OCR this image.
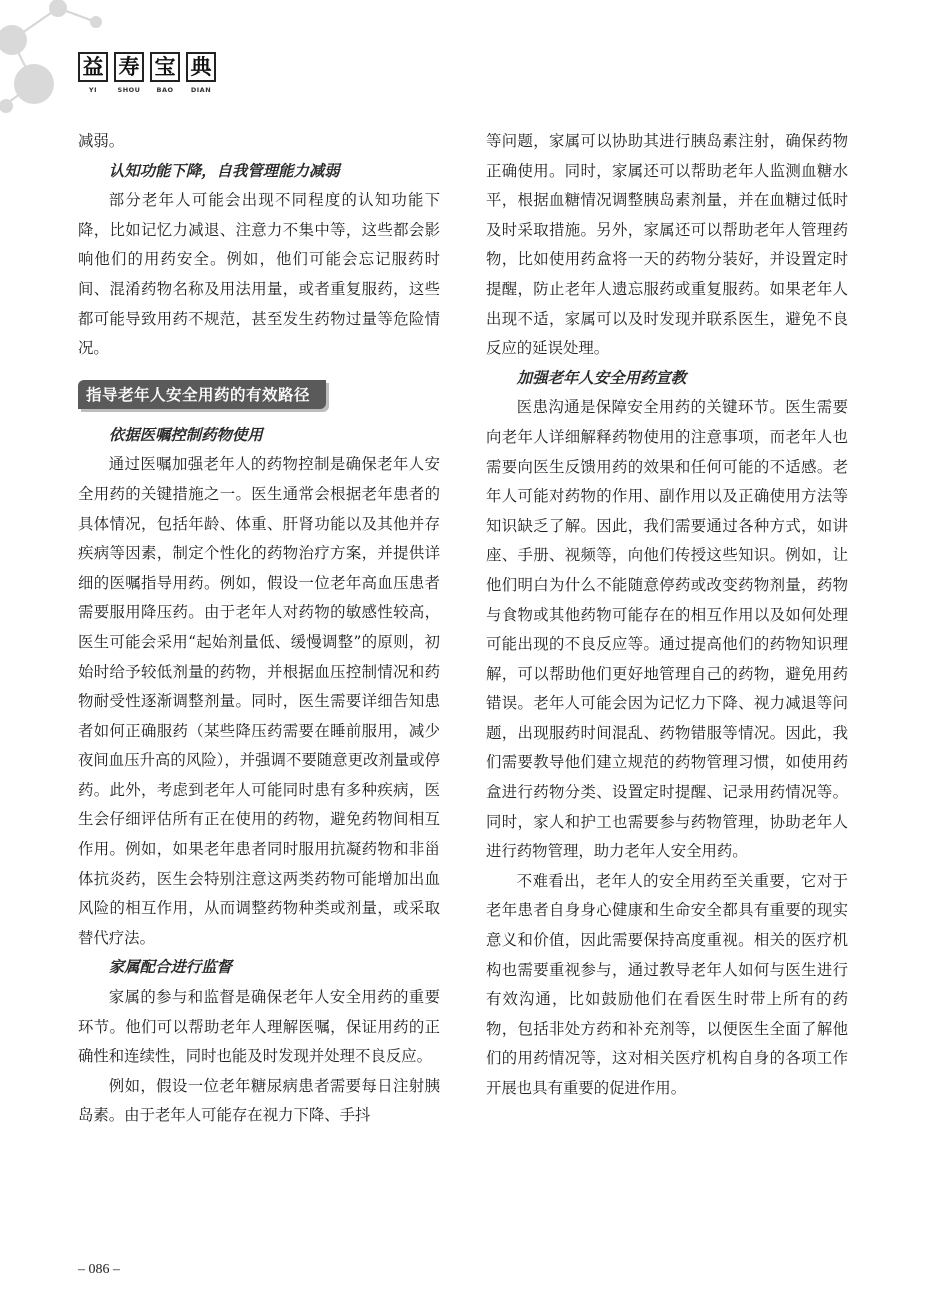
益 寿 宝 典
YI	SHOU	BAO	DIAN

减弱。

认知功能下降，自我管理能力减弱

部分老年人可能会出现不同程度的认知功能下降，比如记忆力减退、注意力不集中等，这些都会影响他们的用药安全。例如，他们可能会忘记服药时间、混淆药物名称及用法用量，或者重复服药，这些都可能导致用药不规范，甚至发生药物过量等危险情况。

指导老年人安全用药的有效路径

依据医嘱控制药物使用

通过医嘱加强老年人的药物控制是确保老年人安全用药的关键措施之一。医生通常会根据老年患者的具体情况，包括年龄、体重、肝肾功能以及其他并存疾病等因素，制定个性化的药物治疗方案，并提供详细的医嘱指导用药。例如，假设一位老年高血压患者需要服用降压药。由于老年人对药物的敏感性较高，医生可能会采用“起始剂量低、缓慢调整”的原则，初始时给予较低剂量的药物，并根据血压控制情况和药物耐受性逐渐调整剂量。同时，医生需要详细告知患者如何正确服药（某些降压药需要在睡前服用，减少夜间血压升高的风险），并强调不要随意更改剂量或停药。此外，考虑到老年人可能同时患有多种疾病，医生会仔细评估所有正在使用的药物，避免药物间相互作用。例如，如果老年患者同时服用抗凝药物和非甾体抗炎药，医生会特别注意这两类药物可能增加出血风险的相互作用，从而调整药物种类或剂量，或采取替代疗法。

家属配合进行监督

家属的参与和监督是确保老年人安全用药的重要环节。他们可以帮助老年人理解医嘱，保证用药的正确性和连续性，同时也能及时发现并处理不良反应。

例如，假设一位老年糖尿病患者需要每日注射胰岛素。由于老年人可能存在视力下降、手抖

等问题，家属可以协助其进行胰岛素注射，确保药物正确使用。同时，家属还可以帮助老年人监测血糖水平，根据血糖情况调整胰岛素剂量，并在血糖过低时及时采取措施。另外，家属还可以帮助老年人管理药物，比如使用药盒将一天的药物分装好，并设置定时提醒，防止老年人遗忘服药或重复服药。如果老年人出现不适，家属可以及时发现并联系医生，避免不良反应的延误处理。

加强老年人安全用药宣教

医患沟通是保障安全用药的关键环节。医生需要向老年人详细解释药物使用的注意事项，而老年人也需要向医生反馈用药的效果和任何可能的不适感。老年人可能对药物的作用、副作用以及正确使用方法等知识缺乏了解。因此，我们需要通过各种方式，如讲座、手册、视频等，向他们传授这些知识。例如，让他们明白为什么不能随意停药或改变药物剂量，药物与食物或其他药物可能存在的相互作用以及如何处理可能出现的不良反应等。通过提高他们的药物知识理解，可以帮助他们更好地管理自己的药物，避免用药错误。老年人可能会因为记忆力下降、视力减退等问题，出现服药时间混乱、药物错服等情况。因此，我们需要教导他们建立规范的药物管理习惯，如使用药盒进行药物分类、设置定时提醒、记录用药情况等。同时，家人和护工也需要参与药物管理，协助老年人进行药物管理，助力老年人安全用药。

不难看出，老年人的安全用药至关重要，它对于老年患者自身身心健康和生命安全都具有重要的现实意义和价值，因此需要保持高度重视。相关的医疗机构也需要重视参与，通过教导老年人如何与医生进行有效沟通，比如鼓励他们在看医生时带上所有的药物，包括非处方药和补充剂等，以便医生全面了解他们的用药情况等，这对相关医疗机构自身的各项工作开展也具有重要的促进作用。

– 086 –
